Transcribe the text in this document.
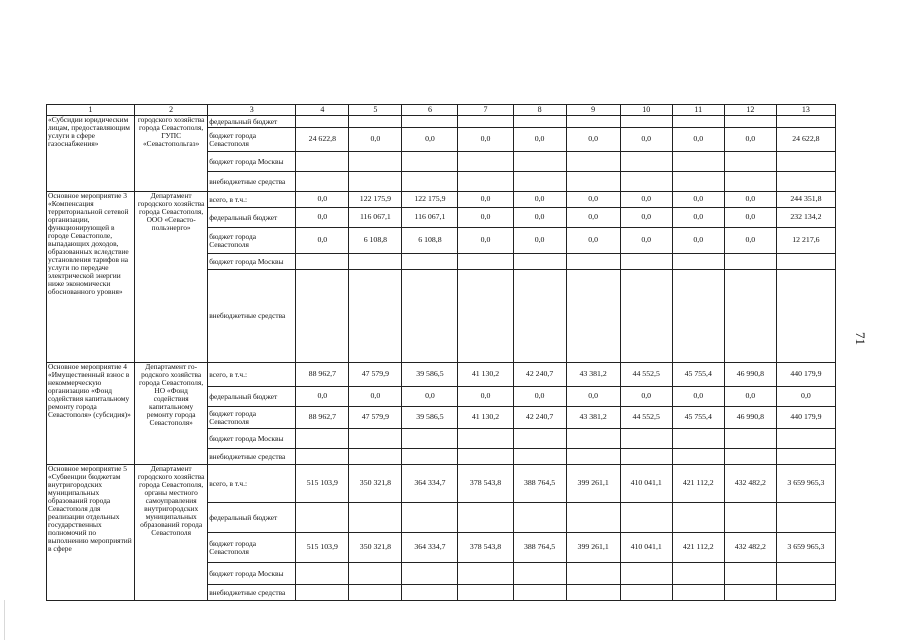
1	2	3	4	5	6	7	8	9	10	11	12	13
«Субсидии юридическим лицам, предоставляющим услуги в сфере газоснабжения»	городского хозяйства города Севастополя, ГУПС «Севастопольгаз»	федеральный бюджет										
		бюджет города Севастополя	24 622,8	0,0	0,0	0,0	0,0	0,0	0,0	0,0	0,0	24 622,8
		бюджет города Москвы										
		внебюджетные средства										
Основное мероприятие 3 «Компенсация территориальной сетевой организации, функционирующей в городе Севастополе, выпадающих доходов, образованных вследствие установления тарифов на услуги по передаче электрической энергии ниже экономически обоснованного уровня»	Департамент городского хозяйства города Севастополя, ООО «Севасто-польэнерго»	всего, в т.ч.:	0,0	122 175,9	122 175,9	0,0	0,0	0,0	0,0	0,0	0,0	244 351,8
		федеральный бюджет	0,0	116 067,1	116 067,1	0,0	0,0	0,0	0,0	0,0	0,0	232 134,2
		бюджет города Севастополя	0,0	6 108,8	6 108,8	0,0	0,0	0,0	0,0	0,0	0,0	12 217,6
		бюджет города Москвы										
		внебюджетные средства										
Основное мероприятие 4 «Имущественный взнос в некоммерческую организацию «Фонд содействия капитальному ремонту города Севастополя» (субсидия)»	Департамент го-родского хозяйства города Севастополя, НО «Фонд содействия капитальному ремонту города Севастополя»	всего, в т.ч.:	88 962,7	47 579,9	39 586,5	41 130,2	42 240,7	43 381,2	44 552,5	45 755,4	46 990,8	440 179,9
		федеральный бюджет	0,0	0,0	0,0	0,0	0,0	0,0	0,0	0,0	0,0	0,0
		бюджет города Севастополя	88 962,7	47 579,9	39 586,5	41 130,2	42 240,7	43 381,2	44 552,5	45 755,4	46 990,8	440 179,9
		бюджет города Москвы										
		внебюджетные средства										
Основное мероприятие 5 «Субвенции бюджетам внутригородских муниципальных образований города Севастополя для реализации отдельных государственных полномочий по выполнению мероприятий в сфере	Департамент городского хозяйства города Севастополя, органы местного самоуправления внутригородских муниципальных образований города Севастополя	всего, в т.ч.:	515 103,9	350 321,8	364 334,7	378 543,8	388 764,5	399 261,1	410 041,1	421 112,2	432 482,2	3 659 965,3
		федеральный бюджет										
		бюджет города Севастополя	515 103,9	350 321,8	364 334,7	378 543,8	388 764,5	399 261,1	410 041,1	421 112,2	432 482,2	3 659 965,3
		бюджет города Москвы										
		внебюджетные средства										
71
